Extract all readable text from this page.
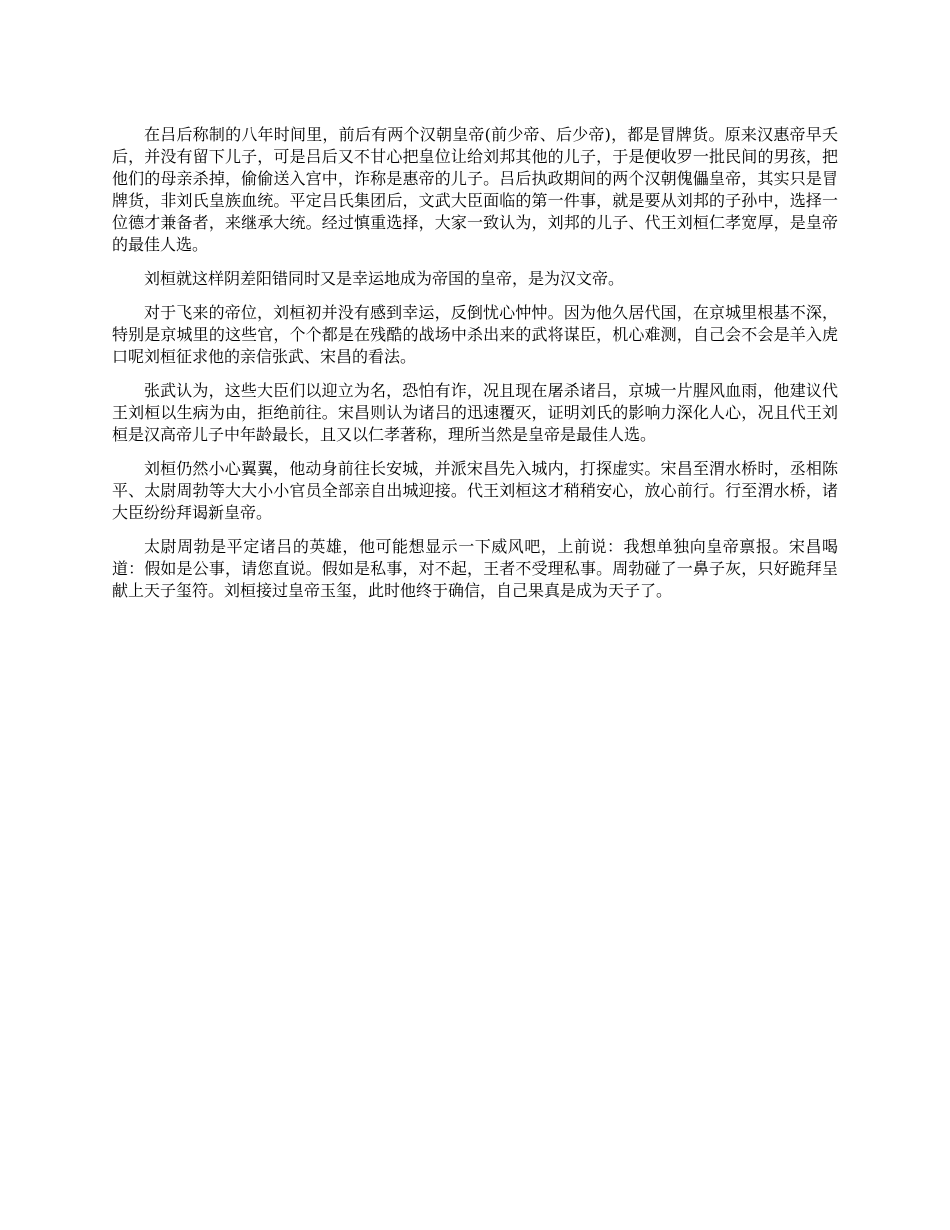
在吕后称制的八年时间里，前后有两个汉朝皇帝(前少帝、后少帝)，都是冒牌货。原来汉惠帝早夭后，并没有留下儿子，可是吕后又不甘心把皇位让给刘邦其他的儿子，于是便收罗一批民间的男孩，把他们的母亲杀掉，偷偷送入宫中，诈称是惠帝的儿子。吕后执政期间的两个汉朝傀儡皇帝，其实只是冒牌货，非刘氏皇族血统。平定吕氏集团后，文武大臣面临的第一件事，就是要从刘邦的子孙中，选择一位德才兼备者，来继承大统。经过慎重选择，大家一致认为，刘邦的儿子、代王刘桓仁孝宽厚，是皇帝的最佳人选。

刘桓就这样阴差阳错同时又是幸运地成为帝国的皇帝，是为汉文帝。

对于飞来的帝位，刘桓初并没有感到幸运，反倒忧心忡忡。因为他久居代国，在京城里根基不深，特别是京城里的这些官，个个都是在残酷的战场中杀出来的武将谋臣，机心难测，自己会不会是羊入虎口呢刘桓征求他的亲信张武、宋昌的看法。

张武认为，这些大臣们以迎立为名，恐怕有诈，况且现在屠杀诸吕，京城一片腥风血雨，他建议代王刘桓以生病为由，拒绝前往。宋昌则认为诸吕的迅速覆灭，证明刘氏的影响力深化人心，况且代王刘桓是汉高帝儿子中年龄最长，且又以仁孝著称，理所当然是皇帝是最佳人选。

刘桓仍然小心翼翼，他动身前往长安城，并派宋昌先入城内，打探虚实。宋昌至渭水桥时，丞相陈平、太尉周勃等大大小小官员全部亲自出城迎接。代王刘桓这才稍稍安心，放心前行。行至渭水桥，诸大臣纷纷拜谒新皇帝。

太尉周勃是平定诸吕的英雄，他可能想显示一下威风吧，上前说：我想单独向皇帝禀报。宋昌喝道：假如是公事，请您直说。假如是私事，对不起，王者不受理私事。周勃碰了一鼻子灰，只好跪拜呈献上天子玺符。刘桓接过皇帝玉玺，此时他终于确信，自己果真是成为天子了。
